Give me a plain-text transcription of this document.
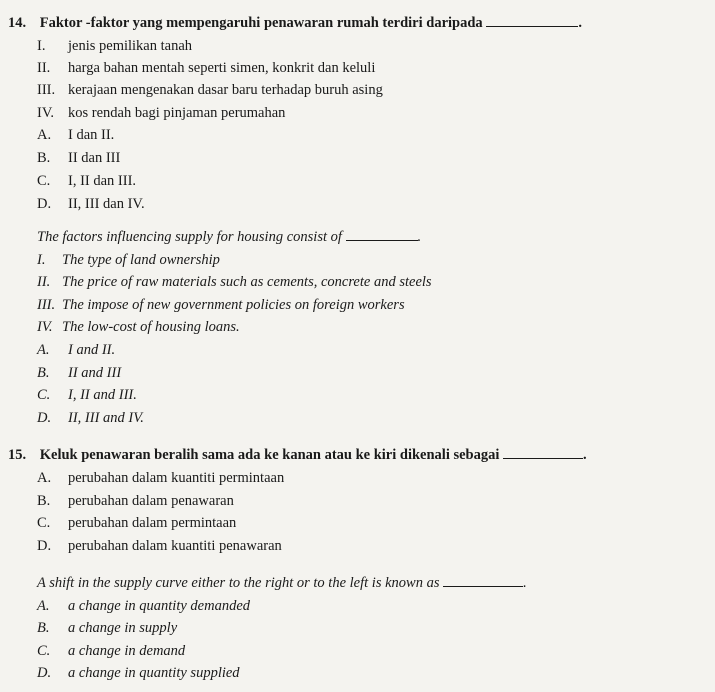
14. Faktor -faktor yang mempengaruhi penawaran rumah terdiri daripada	.
I. jenis pemilikan tanah
II. harga bahan mentah seperti simen, konkrit dan keluli
III. kerajaan mengenakan dasar baru terhadap buruh asing
IV. kos rendah bagi pinjaman perumahan
A. I dan II.
B. II dan III
C. I, II dan III.
D. II, III dan IV.
The factors influencing supply for housing consist of	.
I. The type of land ownership
II. The price of raw materials such as cements, concrete and steels
III. The impose of new government policies on foreign workers
IV. The low-cost of housing loans.
A. I and II.
B. II and III
C. I, II and III.
D. II, III and IV.
15. Keluk penawaran beralih sama ada ke kanan atau ke kiri dikenali sebagai	.
A. perubahan dalam kuantiti permintaan
B. perubahan dalam penawaran
C. perubahan dalam permintaan
D. perubahan dalam kuantiti penawaran
A shift in the supply curve either to the right or to the left is known as	.
A. a change in quantity demanded
B. a change in supply
C. a change in demand
D. a change in quantity supplied
